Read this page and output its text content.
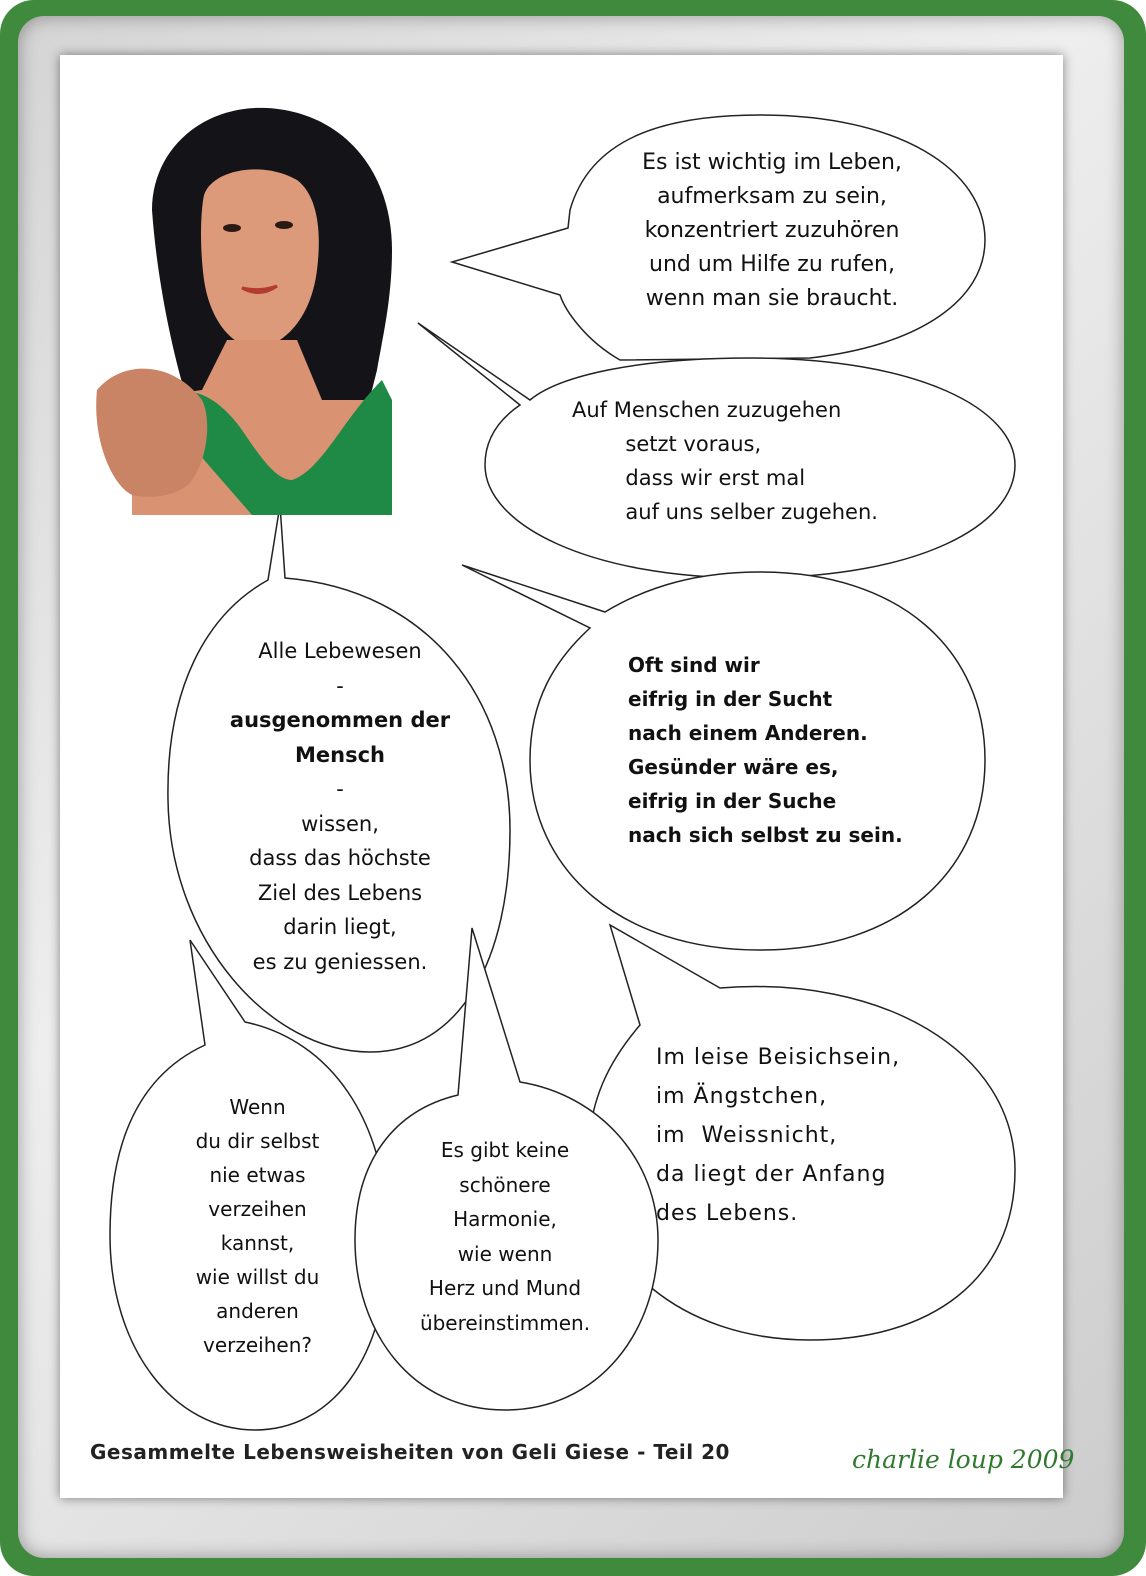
Es ist wichtig im Leben,
aufmerksam zu sein,
konzentriert zuzuhören
und um Hilfe zu rufen,
wenn man sie braucht.
Auf Menschen zuzugehen
setzt voraus,
dass wir erst mal
auf uns selber zugehen.
Alle Lebewesen
-
ausgenommen der
Mensch
-
wissen,
dass das höchste
Ziel des Lebens
darin liegt,
es zu geniessen.
Oft sind wir
eifrig in der Sucht
nach einem Anderen.
Gesünder wäre es,
eifrig in der Suche
nach sich selbst zu sein.
Im leise Beisichsein,
im Ängstchen,
im  Weissnicht,
da liegt der Anfang
des Lebens.
Wenn
du dir selbst
nie etwas
verzeihen
kannst,
wie willst du
anderen
verzeihen?
Es gibt keine
schönere
Harmonie,
wie wenn
Herz und Mund
übereinstimmen.
Gesammelte Lebensweisheiten von Geli Giese - Teil 20	charlie loup 2009
